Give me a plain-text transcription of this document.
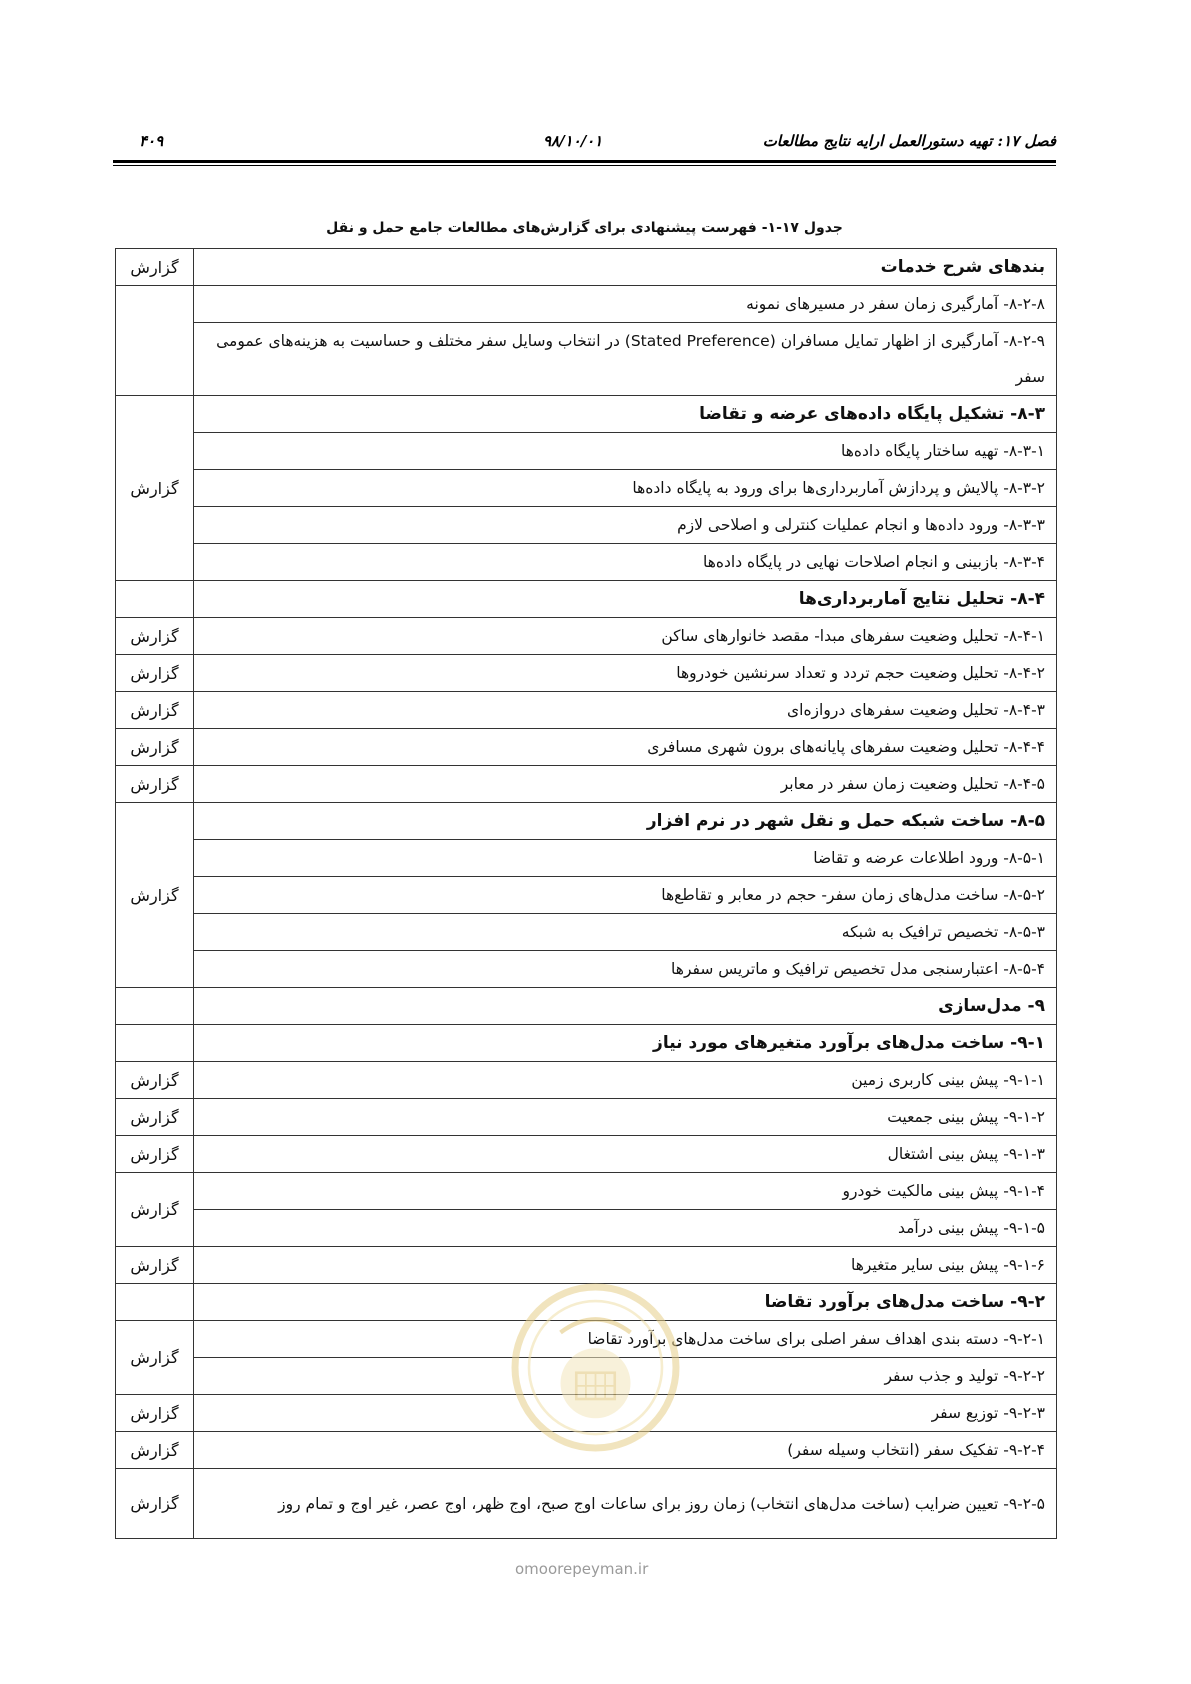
فصل ۱۷: تهیه دستورالعمل ارایه نتایج مطالعات
۹۸/۱۰/۰۱
۴۰۹
جدول ۱۷-۱- فهرست پیشنهادی برای گزارش‌های مطالعات جامع حمل و نقل
بندهای شرح خدمات	گزارش
۸-۲-۸- آمارگیری زمان سفر در مسیرهای نمونه	
۸-۲-۹- آمارگیری از اظهار تمایل مسافران (Stated Preference) در انتخاب وسایل سفر مختلف و حساسیت به هزینه‌های عمومی سفر	
۸-۳- تشکیل پایگاه داده‌های عرضه و تقاضا	گزارش
۸-۳-۱- تهیه ساختار پایگاه داده‌ها	
۸-۳-۲- پالایش و پردازش آماربرداری‌ها برای ورود به پایگاه داده‌ها	
۸-۳-۳- ورود داده‌ها و انجام عملیات کنترلی و اصلاحی لازم	
۸-۳-۴- بازبینی و انجام اصلاحات نهایی در پایگاه داده‌ها	
۸-۴- تحلیل نتایج آماربرداری‌ها	
۸-۴-۱- تحلیل وضعیت سفرهای مبدا- مقصد خانوارهای ساکن	گزارش
۸-۴-۲- تحلیل وضعیت حجم تردد و تعداد سرنشین خودروها	گزارش
۸-۴-۳- تحلیل وضعیت سفرهای دروازه‌ای	گزارش
۸-۴-۴- تحلیل وضعیت سفرهای پایانه‌های برون شهری مسافری	گزارش
۸-۴-۵- تحلیل وضعیت زمان سفر در معابر	گزارش
۸-۵- ساخت شبکه حمل و نقل شهر در نرم افزار	گزارش
۸-۵-۱- ورود اطلاعات عرضه و تقاضا	
۸-۵-۲- ساخت مدل‌های زمان سفر- حجم در معابر و تقاطع‌ها	
۸-۵-۳- تخصیص ترافیک به شبکه	
۸-۵-۴- اعتبارسنجی مدل تخصیص ترافیک و ماتریس سفرها	
۹- مدل‌سازی	
۹-۱- ساخت مدل‌های برآورد متغیرهای مورد نیاز	
۹-۱-۱- پیش بینی کاربری زمین	گزارش
۹-۱-۲- پیش بینی جمعیت	گزارش
۹-۱-۳- پیش بینی اشتغال	گزارش
۹-۱-۴- پیش بینی مالکیت خودرو	گزارش
۹-۱-۵- پیش بینی درآمد	
۹-۱-۶- پیش بینی سایر متغیرها	گزارش
۹-۲- ساخت مدل‌های برآورد تقاضا	
۹-۲-۱- دسته بندی اهداف سفر اصلی برای ساخت مدل‌های برآورد تقاضا	گزارش
۹-۲-۲- تولید و جذب سفر	
۹-۲-۳- توزیع سفر	گزارش
۹-۲-۴- تفکیک سفر (انتخاب وسیله سفر)	گزارش
۹-۲-۵- تعیین ضرایب (ساخت مدل‌های انتخاب) زمان روز برای ساعات اوج صبح، اوج ظهر، اوج عصر، غیر اوج و تمام روز	گزارش
omoorepeyman.ir
